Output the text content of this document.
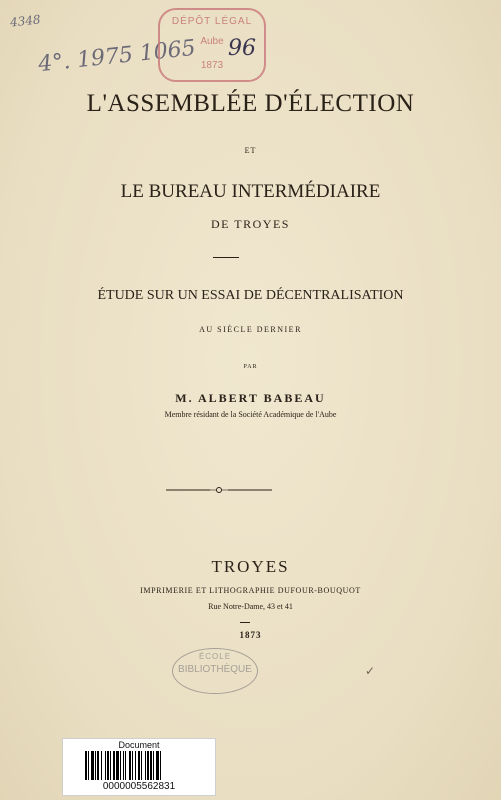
4348
4°. 1975 1065
DÉPÔT LÉGAL
Aube
1873
96
L'ASSEMBLÉE D'ÉLECTION
ET
LE BUREAU INTERMÉDIAIRE
DE TROYES
ÉTUDE SUR UN ESSAI DE DÉCENTRALISATION
AU SIÈCLE DERNIER
PAR
M. ALBERT BABEAU
Membre résidant de la Société Académique de l'Aube
TROYES
IMPRIMERIE ET LITHOGRAPHIE DUFOUR-BOUQUOT
Rue Notre-Dame, 43 et 41
1873
ÉCOLE
BIBLIOTHÈQUE	✓
Document
0000005562831
